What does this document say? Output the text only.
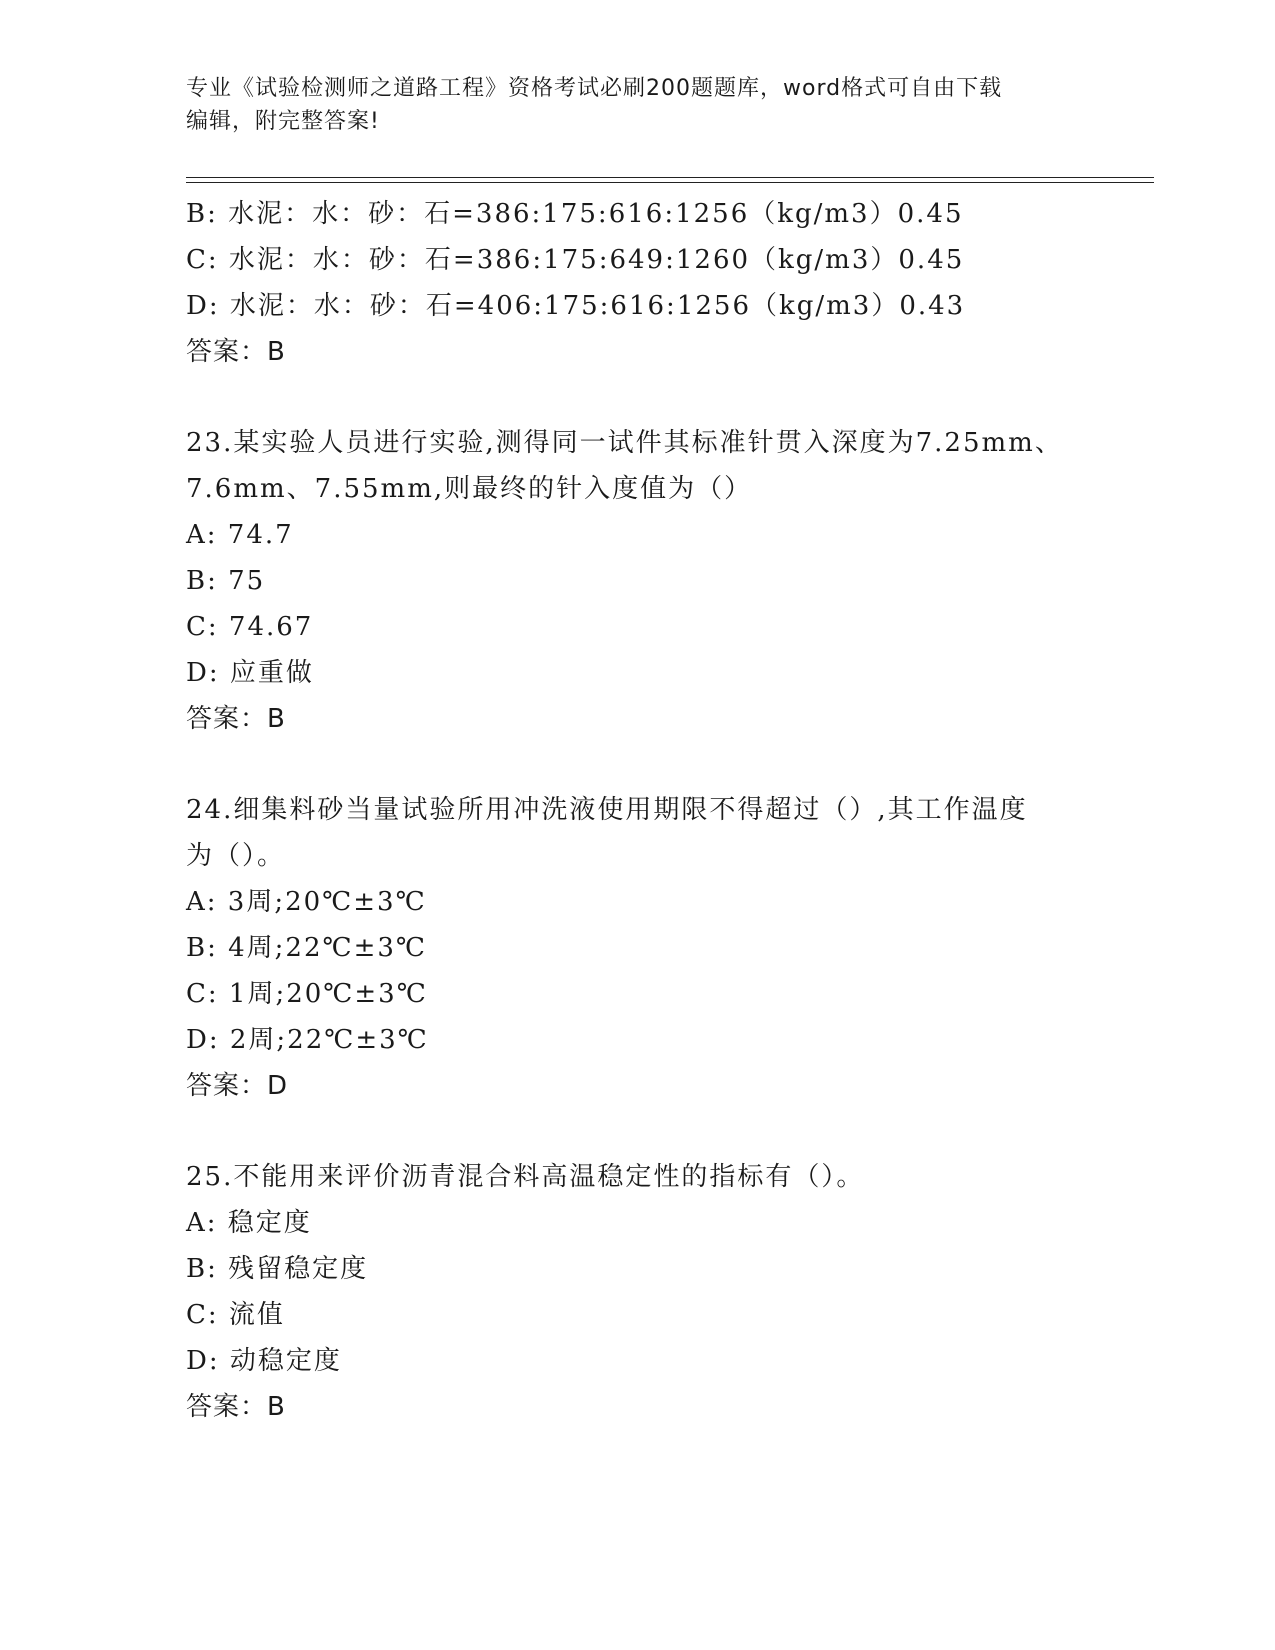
专业《试验检测师之道路工程》资格考试必刷200题题库，word格式可自由下载
编辑，附完整答案!
B: 水泥：水：砂：石=386:175:616:1256（kg/m3）0.45
C: 水泥：水：砂：石=386:175:649:1260（kg/m3）0.45
D: 水泥：水：砂：石=406:175:616:1256（kg/m3）0.43
答案：B
23.某实验人员进行实验,测得同一试件其标准针贯入深度为7.25mm、
7.6mm、7.55mm,则最终的针入度值为（）
A: 74.7
B: 75
C: 74.67
D: 应重做
答案：B
24.细集料砂当量试验所用冲洗液使用期限不得超过（）,其工作温度
为（）。
A: 3周;20℃±3℃
B: 4周;22℃±3℃
C: 1周;20℃±3℃
D: 2周;22℃±3℃
答案：D
25.不能用来评价沥青混合料高温稳定性的指标有（）。
A: 稳定度
B: 残留稳定度
C: 流值
D: 动稳定度
答案：B
